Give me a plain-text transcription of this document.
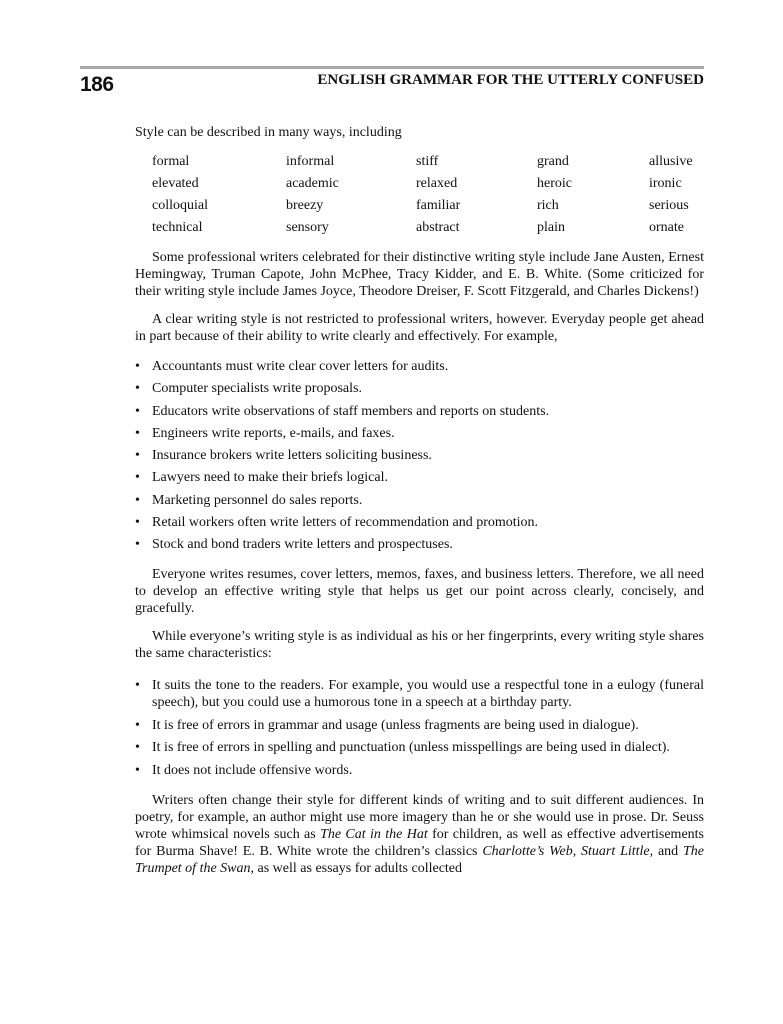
186	ENGLISH GRAMMAR FOR THE UTTERLY CONFUSED

Style can be described in many ways, including

formal	informal	stiff	grand	allusive
elevated	academic	relaxed	heroic	ironic
colloquial	breezy	familiar	rich	serious
technical	sensory	abstract	plain	ornate

Some professional writers celebrated for their distinctive writing style include Jane Austen, Ernest Hemingway, Truman Capote, John McPhee, Tracy Kidder, and E. B. White. (Some criticized for their writing style include James Joyce, Theodore Dreiser, F. Scott Fitzgerald, and Charles Dickens!)

A clear writing style is not restricted to professional writers, however. Everyday people get ahead in part because of their ability to write clearly and effectively. For example,

• Accountants must write clear cover letters for audits.
• Computer specialists write proposals.
• Educators write observations of staff members and reports on students.
• Engineers write reports, e-mails, and faxes.
• Insurance brokers write letters soliciting business.
• Lawyers need to make their briefs logical.
• Marketing personnel do sales reports.
• Retail workers often write letters of recommendation and promotion.
• Stock and bond traders write letters and prospectuses.

Everyone writes resumes, cover letters, memos, faxes, and business letters. Therefore, we all need to develop an effective writing style that helps us get our point across clearly, concisely, and gracefully.

While everyone’s writing style is as individual as his or her fingerprints, every writing style shares the same characteristics:

• It suits the tone to the readers. For example, you would use a respectful tone in a eulogy (funeral speech), but you could use a humorous tone in a speech at a birthday party.
• It is free of errors in grammar and usage (unless fragments are being used in dialogue).
• It is free of errors in spelling and punctuation (unless misspellings are being used in dialect).
• It does not include offensive words.

Writers often change their style for different kinds of writing and to suit different audiences. In poetry, for example, an author might use more imagery than he or she would use in prose. Dr. Seuss wrote whimsical novels such as The Cat in the Hat for children, as well as effective advertisements for Burma Shave! E. B. White wrote the children’s classics Charlotte’s Web, Stuart Little, and The Trumpet of the Swan, as well as essays for adults collected
